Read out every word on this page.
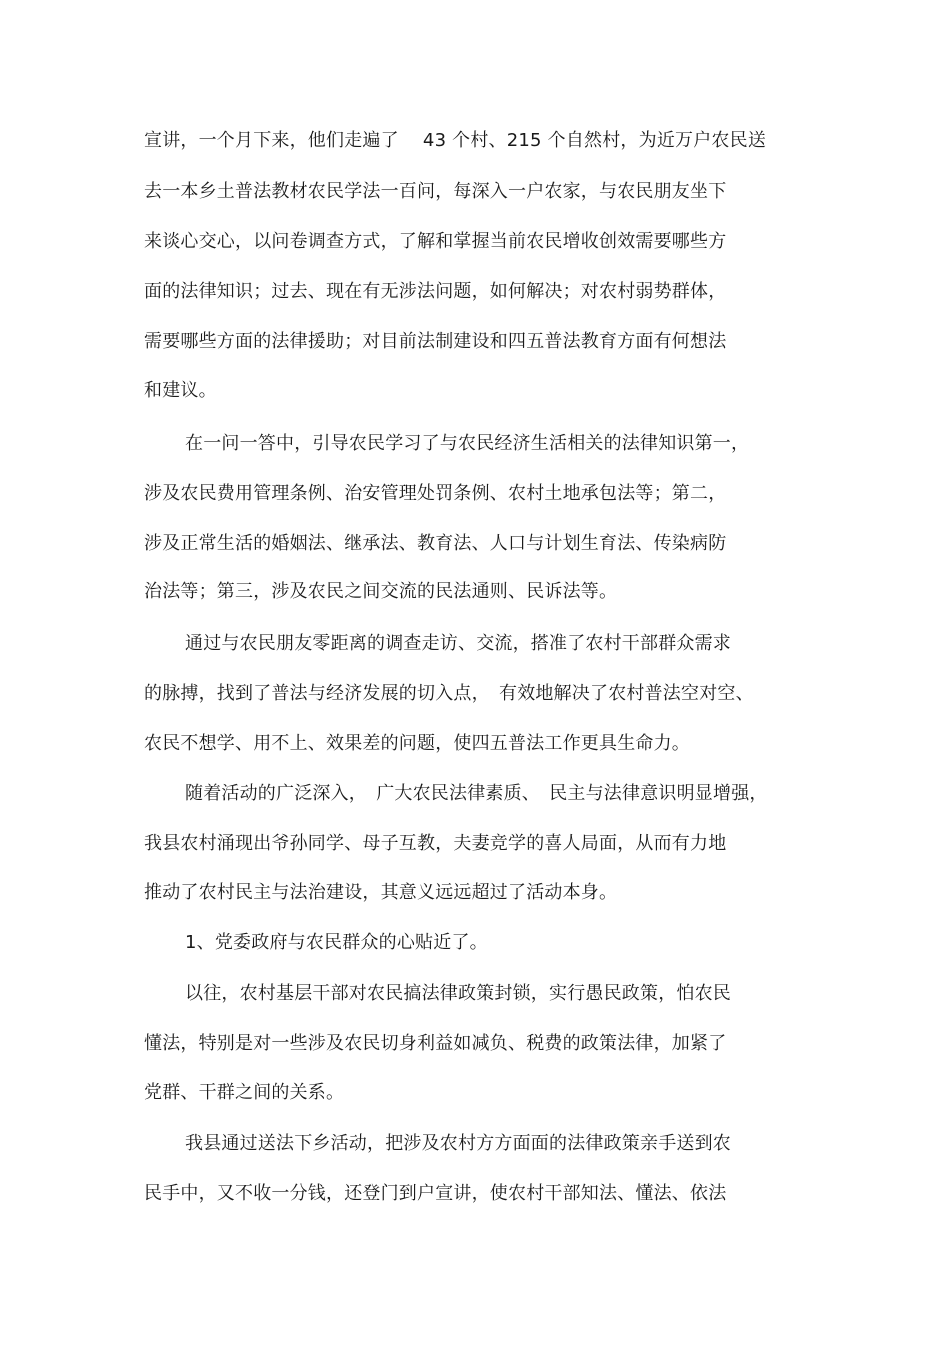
宣讲，一个月下来，他们走遍了　 43 个村、215 个自然村，为近万户农民送
去一本乡土普法教材农民学法一百问，每深入一户农家，与农民朋友坐下
来谈心交心，以问卷调查方式，了解和掌握当前农民增收创效需要哪些方
面的法律知识；过去、现在有无涉法问题，如何解决；对农村弱势群体，
需要哪些方面的法律援助；对目前法制建设和四五普法教育方面有何想法
和建议。
在一问一答中，引导农民学习了与农民经济生活相关的法律知识第一，
涉及农民费用管理条例、治安管理处罚条例、农村土地承包法等；第二，
涉及正常生活的婚姻法、继承法、教育法、人口与计划生育法、传染病防
治法等；第三，涉及农民之间交流的民法通则、民诉法等。
通过与农民朋友零距离的调查走访、交流，搭准了农村干部群众需求
的脉搏，找到了普法与经济发展的切入点，　有效地解决了农村普法空对空、
农民不想学、用不上、效果差的问题，使四五普法工作更具生命力。
随着活动的广泛深入，　广大农民法律素质、　民主与法律意识明显增强，
我县农村涌现出爷孙同学、母子互教，夫妻竞学的喜人局面，从而有力地
推动了农村民主与法治建设，其意义远远超过了活动本身。
1、党委政府与农民群众的心贴近了。
以往，农村基层干部对农民搞法律政策封锁，实行愚民政策，怕农民
懂法，特别是对一些涉及农民切身利益如减负、税费的政策法律，加紧了
党群、干群之间的关系。
我县通过送法下乡活动，把涉及农村方方面面的法律政策亲手送到农
民手中，又不收一分钱，还登门到户宣讲，使农村干部知法、懂法、依法
